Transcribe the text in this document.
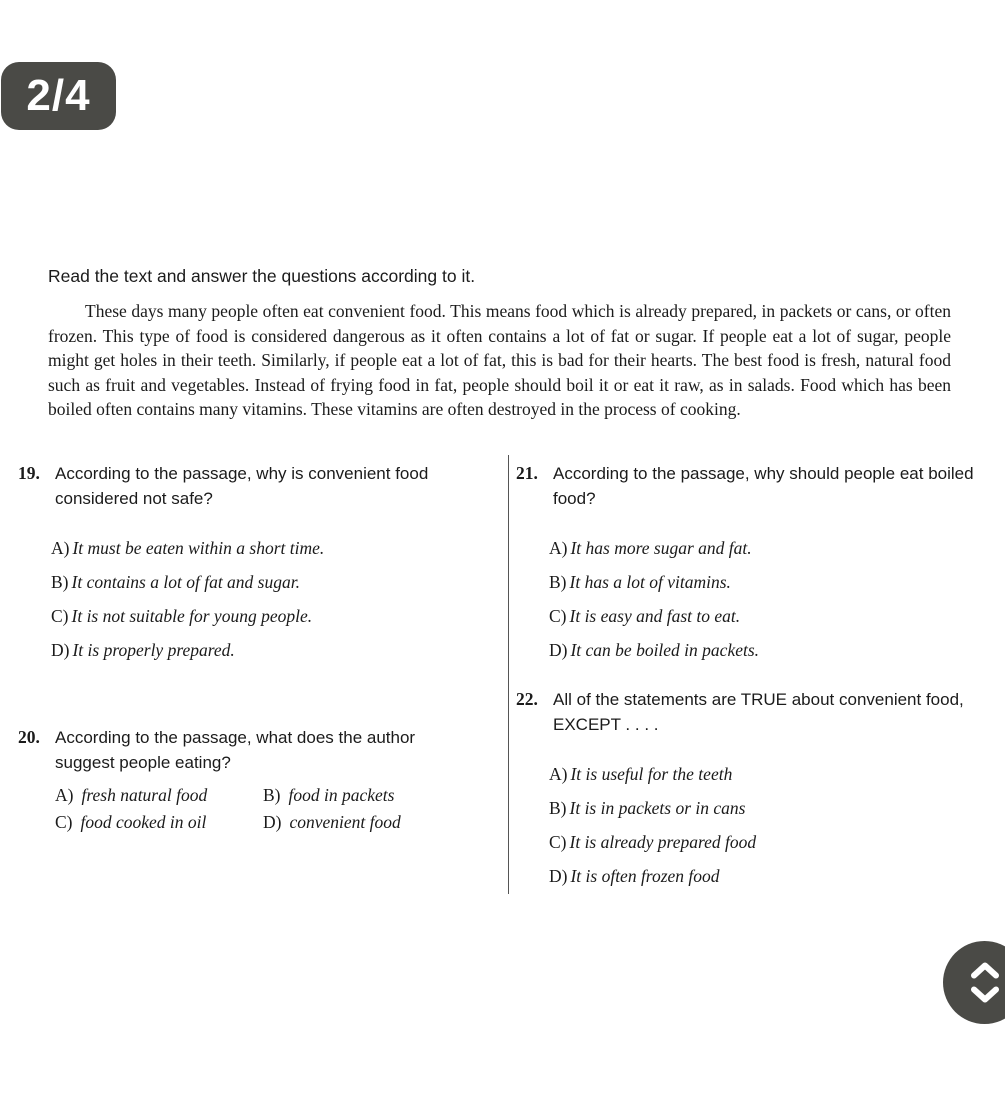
2/4
Read the text and answer the questions according to it.
These days many people often eat convenient food. This means food which is already prepared, in packets or cans, or often frozen. This type of food is considered dangerous as it often contains a lot of fat or sugar. If people eat a lot of sugar, people might get holes in their teeth. Similarly, if people eat a lot of fat, this is bad for their hearts. The best food is fresh, natural food such as fruit and vegetables. Instead of frying food in fat, people should boil it or eat it raw, as in salads. Food which has been boiled often contains many vitamins. These vitamins are often destroyed in the process of cooking.
19. According to the passage, why is convenient food considered not safe?
A) It must be eaten within a short time.
B) It contains a lot of fat and sugar.
C) It is not suitable for young people.
D) It is properly prepared.
20. According to the passage, what does the author suggest people eating?
A) fresh natural food	B) food in packets
C) food cooked in oil	D) convenient food
21. According to the passage, why should people eat boiled food?
A) It has more sugar and fat.
B) It has a lot of vitamins.
C) It is easy and fast to eat.
D) It can be boiled in packets.
22. All of the statements are TRUE about convenient food, EXCEPT . . . .
A) It is useful for the teeth
B) It is in packets or in cans
C) It is already prepared food
D) It is often frozen food
